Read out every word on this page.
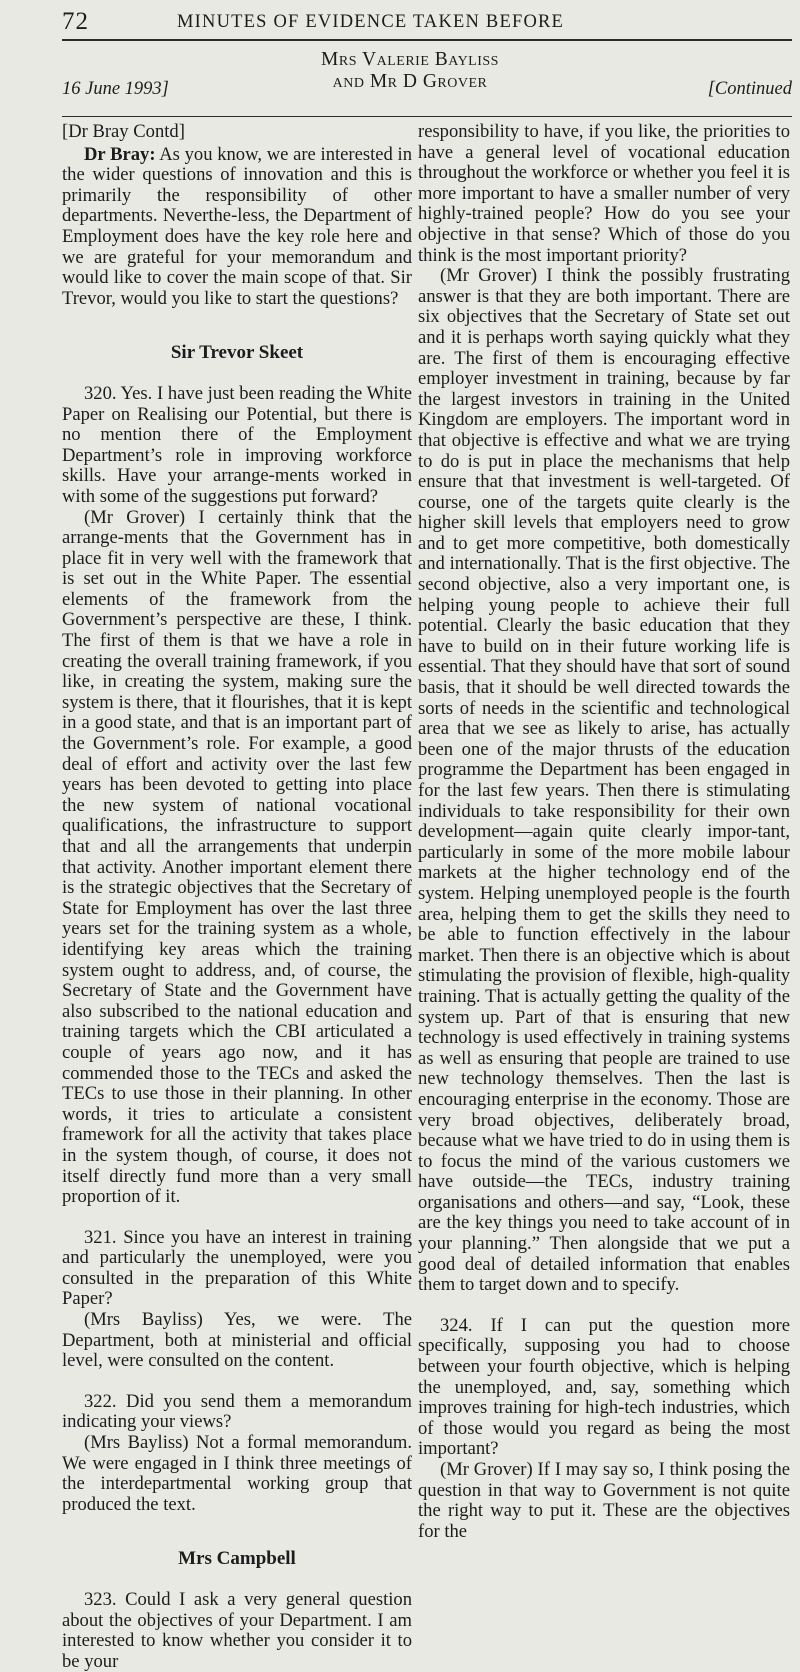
72	MINUTES OF EVIDENCE TAKEN BEFORE
16 June 1993]
Mrs Valerie Bayliss
and Mr D Grover	[Continued

[Dr Bray Contd]

Dr Bray: As you know, we are interested in the wider questions of innovation and this is primarily the responsibility of other departments. Neverthe-less, the Department of Employment does have the key role here and we are grateful for your memorandum and would like to cover the main scope of that. Sir Trevor, would you like to start the questions?

Sir Trevor Skeet

320. Yes. I have just been reading the White Paper on Realising our Potential, but there is no mention there of the Employment Department’s role in improving workforce skills. Have your arrange-ments worked in with some of the suggestions put forward?

(Mr Grover) I certainly think that the arrange-ments that the Government has in place fit in very well with the framework that is set out in the White Paper. The essential elements of the framework from the Government’s perspective are these, I think. The first of them is that we have a role in creating the overall training framework, if you like, in creating the system, making sure the system is there, that it flourishes, that it is kept in a good state, and that is an important part of the Government’s role. For example, a good deal of effort and activity over the last few years has been devoted to getting into place the new system of national vocational qualifications, the infrastructure to support that and all the arrangements that underpin that activity. Another important element there is the strategic objectives that the Secretary of State for Employment has over the last three years set for the training system as a whole, identifying key areas which the training system ought to address, and, of course, the Secretary of State and the Government have also subscribed to the national education and training targets which the CBI articulated a couple of years ago now, and it has commended those to the TECs and asked the TECs to use those in their planning. In other words, it tries to articulate a consistent framework for all the activity that takes place in the system though, of course, it does not itself directly fund more than a very small proportion of it.

321. Since you have an interest in training and particularly the unemployed, were you consulted in the preparation of this White Paper?

(Mrs Bayliss) Yes, we were. The Department, both at ministerial and official level, were consulted on the content.

322. Did you send them a memorandum indicating your views?

(Mrs Bayliss) Not a formal memorandum. We were engaged in I think three meetings of the interdepartmental working group that produced the text.

Mrs Campbell

323. Could I ask a very general question about the objectives of your Department. I am interested to know whether you consider it to be your

responsibility to have, if you like, the priorities to have a general level of vocational education throughout the workforce or whether you feel it is more important to have a smaller number of very highly-trained people? How do you see your objective in that sense? Which of those do you think is the most important priority?

(Mr Grover) I think the possibly frustrating answer is that they are both important. There are six objectives that the Secretary of State set out and it is perhaps worth saying quickly what they are. The first of them is encouraging effective employer investment in training, because by far the largest investors in training in the United Kingdom are employers. The important word in that objective is effective and what we are trying to do is put in place the mechanisms that help ensure that that investment is well-targeted. Of course, one of the targets quite clearly is the higher skill levels that employers need to grow and to get more competitive, both domestically and internationally. That is the first objective. The second objective, also a very important one, is helping young people to achieve their full potential. Clearly the basic education that they have to build on in their future working life is essential. That they should have that sort of sound basis, that it should be well directed towards the sorts of needs in the scientific and technological area that we see as likely to arise, has actually been one of the major thrusts of the education programme the Department has been engaged in for the last few years. Then there is stimulating individuals to take responsibility for their own development—again quite clearly impor-tant, particularly in some of the more mobile labour markets at the higher technology end of the system. Helping unemployed people is the fourth area, helping them to get the skills they need to be able to function effectively in the labour market. Then there is an objective which is about stimulating the provision of flexible, high-quality training. That is actually getting the quality of the system up. Part of that is ensuring that new technology is used effectively in training systems as well as ensuring that people are trained to use new technology themselves. Then the last is encouraging enterprise in the economy. Those are very broad objectives, deliberately broad, because what we have tried to do in using them is to focus the mind of the various customers we have outside—the TECs, industry training organisations and others—and say, “Look, these are the key things you need to take account of in your planning.” Then alongside that we put a good deal of detailed information that enables them to target down and to specify.

324. If I can put the question more specifically, supposing you had to choose between your fourth objective, which is helping the unemployed, and, say, something which improves training for high-tech industries, which of those would you regard as being the most important?

(Mr Grover) If I may say so, I think posing the question in that way to Government is not quite the right way to put it. These are the objectives for the
